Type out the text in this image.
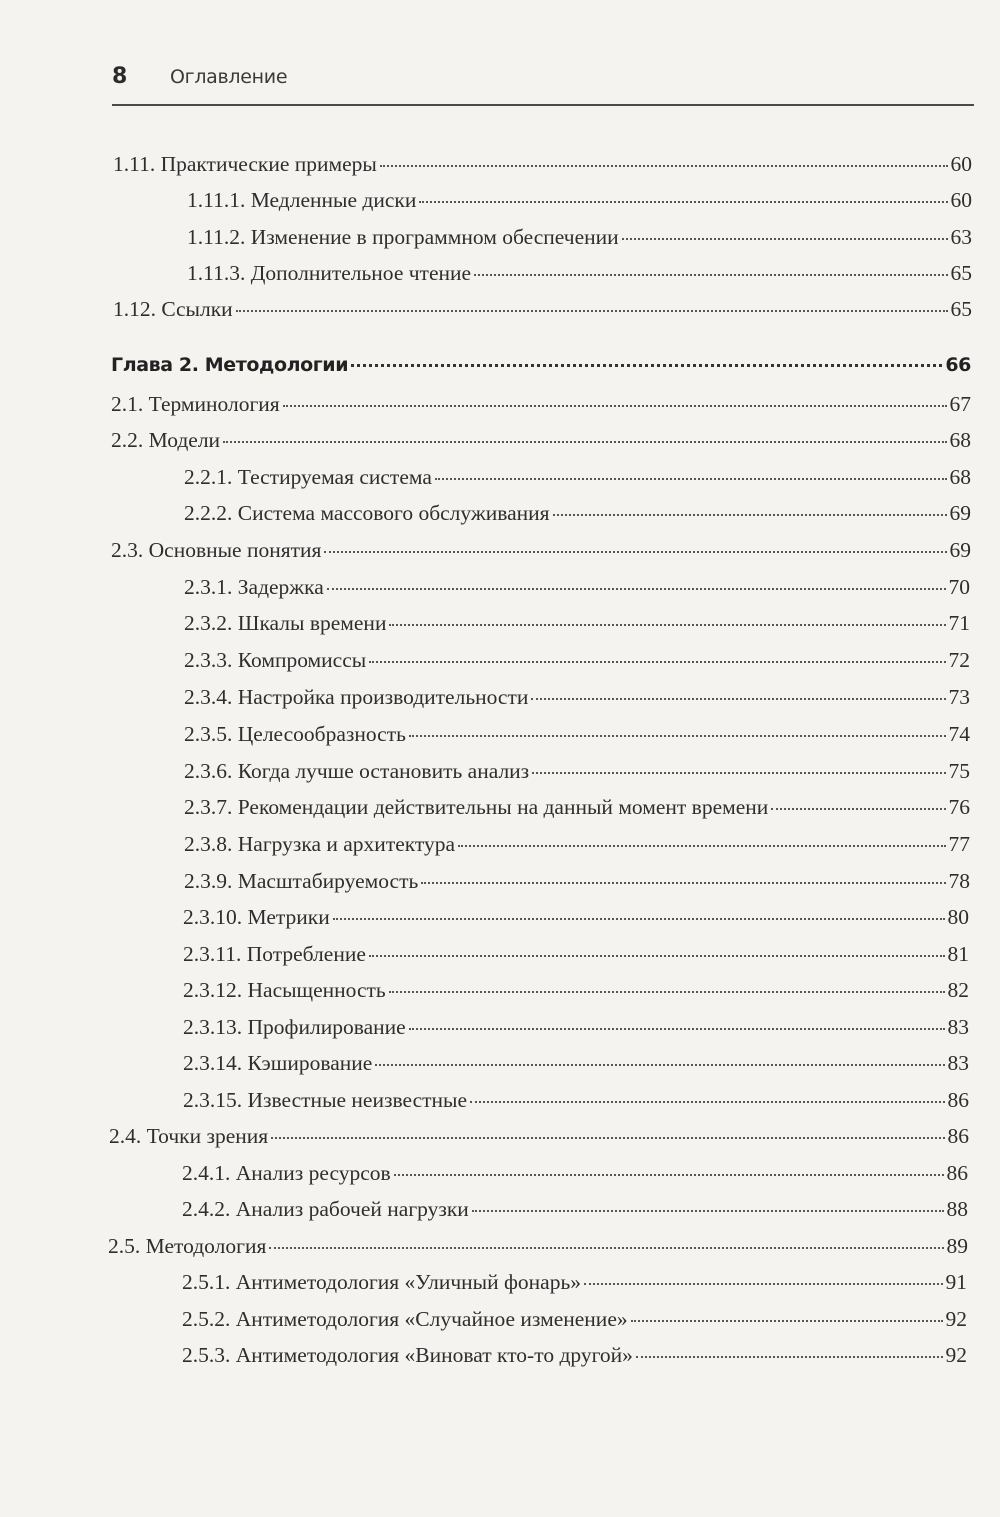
8 Оглавление
1.11. Практические примеры	60
1.11.1. Медленные диски	60
1.11.2. Изменение в программном обеспечении	63
1.11.3. Дополнительное чтение	65
1.12. Ссылки	65
Глава 2. Методологии	66
2.1. Терминология	67
2.2. Модели	68
2.2.1. Тестируемая система	68
2.2.2. Система массового обслуживания	69
2.3. Основные понятия	69
2.3.1. Задержка	70
2.3.2. Шкалы времени	71
2.3.3. Компромиссы	72
2.3.4. Настройка производительности	73
2.3.5. Целесообразность	74
2.3.6. Когда лучше остановить анализ	75
2.3.7. Рекомендации действительны на данный момент времени	76
2.3.8. Нагрузка и архитектура	77
2.3.9. Масштабируемость	78
2.3.10. Метрики	80
2.3.11. Потребление	81
2.3.12. Насыщенность	82
2.3.13. Профилирование	83
2.3.14. Кэширование	83
2.3.15. Известные неизвестные	86
2.4. Точки зрения	86
2.4.1. Анализ ресурсов	86
2.4.2. Анализ рабочей нагрузки	88
2.5. Методология	89
2.5.1. Антиметодология «Уличный фонарь»	91
2.5.2. Антиметодология «Случайное изменение»	92
2.5.3. Антиметодология «Виноват кто-то другой»	92
